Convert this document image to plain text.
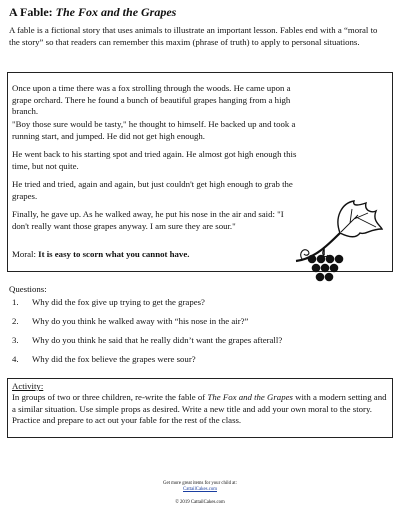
A Fable: The Fox and the Grapes
A fable is a fictional story that uses animals to illustrate an important lesson. Fables end with a “moral to the story” so that readers can remember this maxim (phrase of truth) to apply to personal situations.

Once upon a time there was a fox strolling through the woods. He came upon a grape orchard. There he found a bunch of beautiful grapes hanging from a high branch.

"Boy those sure would be tasty," he thought to himself. He backed up and took a running start, and jumped. He did not get high enough.

He went back to his starting spot and tried again. He almost got high enough this time, but not quite.

He tried and tried, again and again, but just couldn't get high enough to grab the grapes.

Finally, he gave up. As he walked away, he put his nose in the air and said: "I don't really want those grapes anyway. I am sure they are sour."

Moral: It is easy to scorn what you cannot have.

Questions:
1. Why did the fox give up trying to get the grapes?
2. Why do you think he walked away with “his nose in the air?”
3. Why do you think he said that he really didn’t want the grapes afterall?
4. Why did the fox believe the grapes were sour?
Activity:
In groups of two or three children, re-write the fable of The Fox and the Grapes with a modern setting and a similar situation. Use simple props as desired. Write a new title and add your own moral to the story. Practice and prepare to act out your fable for the rest of the class.
Get more great items for your child at:
CattailCakes.com
© 2019 CattailCakes.com
